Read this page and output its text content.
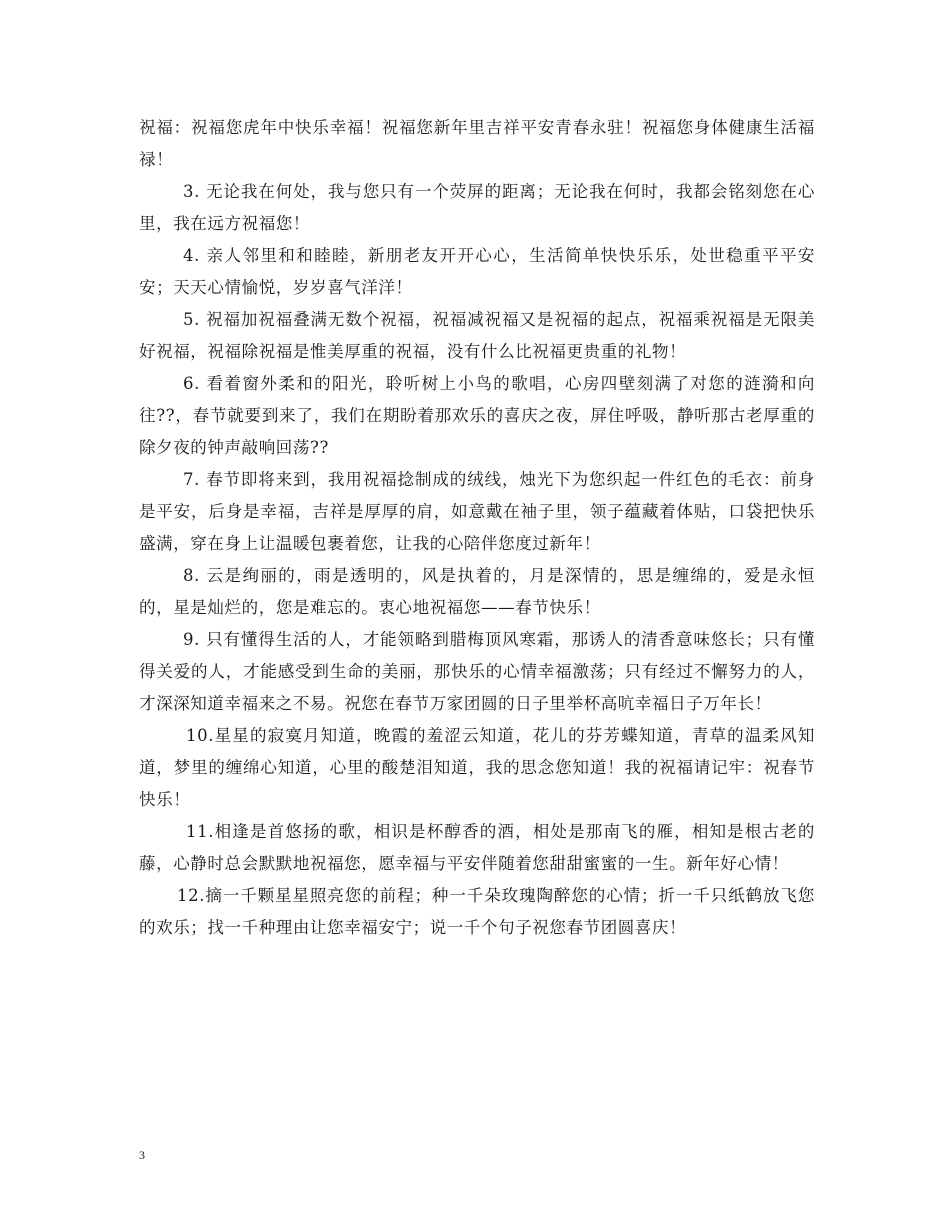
祝福：祝福您虎年中快乐幸福！祝福您新年里吉祥平安青春永驻！祝福您身体健康生活福禄！

3. 无论我在何处，我与您只有一个荧屏的距离；无论我在何时，我都会铭刻您在心里，我在远方祝福您！

4. 亲人邻里和和睦睦，新朋老友开开心心，生活简单快快乐乐，处世稳重平平安安；天天心情愉悦，岁岁喜气洋洋！

5. 祝福加祝福叠满无数个祝福，祝福减祝福又是祝福的起点，祝福乘祝福是无限美好祝福，祝福除祝福是惟美厚重的祝福，没有什么比祝福更贵重的礼物！

6. 看着窗外柔和的阳光，聆听树上小鸟的歌唱，心房四壁刻满了对您的涟漪和向往??，春节就要到来了，我们在期盼着那欢乐的喜庆之夜，屏住呼吸，静听那古老厚重的除夕夜的钟声敲响回荡??

7. 春节即将来到，我用祝福捻制成的绒线，烛光下为您织起一件红色的毛衣：前身是平安，后身是幸福，吉祥是厚厚的肩，如意戴在袖子里，领子蕴藏着体贴，口袋把快乐盛满，穿在身上让温暖包裹着您，让我的心陪伴您度过新年！

8. 云是绚丽的，雨是透明的，风是执着的，月是深情的，思是缠绵的，爱是永恒的，星是灿烂的，您是难忘的。衷心地祝福您——春节快乐！

9. 只有懂得生活的人，才能领略到腊梅顶风寒霜，那诱人的清香意味悠长；只有懂得关爱的人，才能感受到生命的美丽，那快乐的心情幸福激荡；只有经过不懈努力的人，才深深知道幸福来之不易。祝您在春节万家团圆的日子里举杯高吭幸福日子万年长！

10.星星的寂寞月知道，晚霞的羞涩云知道，花儿的芬芳蝶知道，青草的温柔风知道，梦里的缠绵心知道，心里的酸楚泪知道，我的思念您知道！我的祝福请记牢：祝春节快乐！

11.相逢是首悠扬的歌，相识是杯醇香的酒，相处是那南飞的雁，相知是根古老的藤，心静时总会默默地祝福您，愿幸福与平安伴随着您甜甜蜜蜜的一生。新年好心情！

12.摘一千颗星星照亮您的前程；种一千朵玫瑰陶醉您的心情；折一千只纸鹤放飞您的欢乐；找一千种理由让您幸福安宁；说一千个句子祝您春节团圆喜庆！

3
